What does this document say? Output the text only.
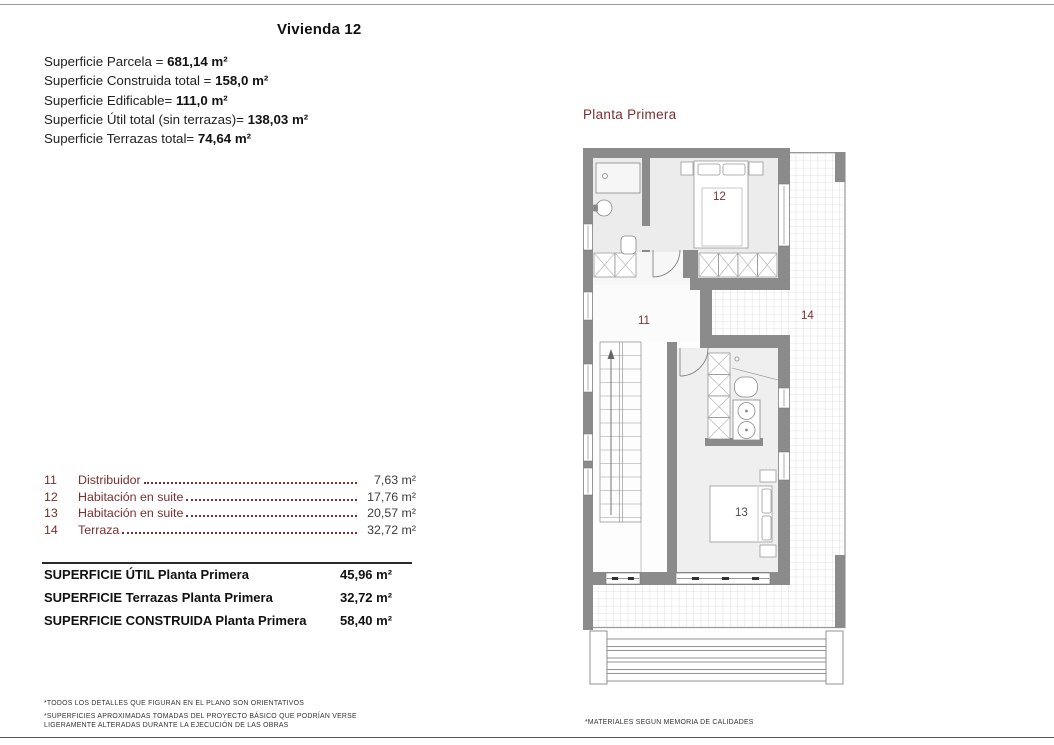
Vivienda 12
Superficie Parcela = 681,14 m²
Superficie Construida total = 158,0 m²
Superficie Edificable= 111,0 m²
Superficie Útil total (sin terrazas)= 138,03 m²
Superficie Terrazas total= 74,64 m²
Planta Primera
11
12
13
14
11	Distribuidor	7,63 m²
12	Habitación en suite	17,76 m²
13	Habitación en suite	20,57 m²
14	Terraza	32,72 m²
SUPERFICIE ÚTIL Planta Primera	45,96 m²
SUPERFICIE Terrazas Planta Primera	32,72 m²
SUPERFICIE CONSTRUIDA Planta Primera	58,40 m²
*TODOS LOS DETALLES QUE FIGURAN EN EL PLANO SON ORIENTATIVOS
*SUPERFICIES APROXIMADAS TOMADAS DEL PROYECTO BÁSICO QUE PODRÍAN VERSE
LIGERAMENTE ALTERADAS DURANTE LA EJECUCIÓN DE LAS OBRAS	*MATERIALES SEGUN MEMORIA DE CALIDADES
